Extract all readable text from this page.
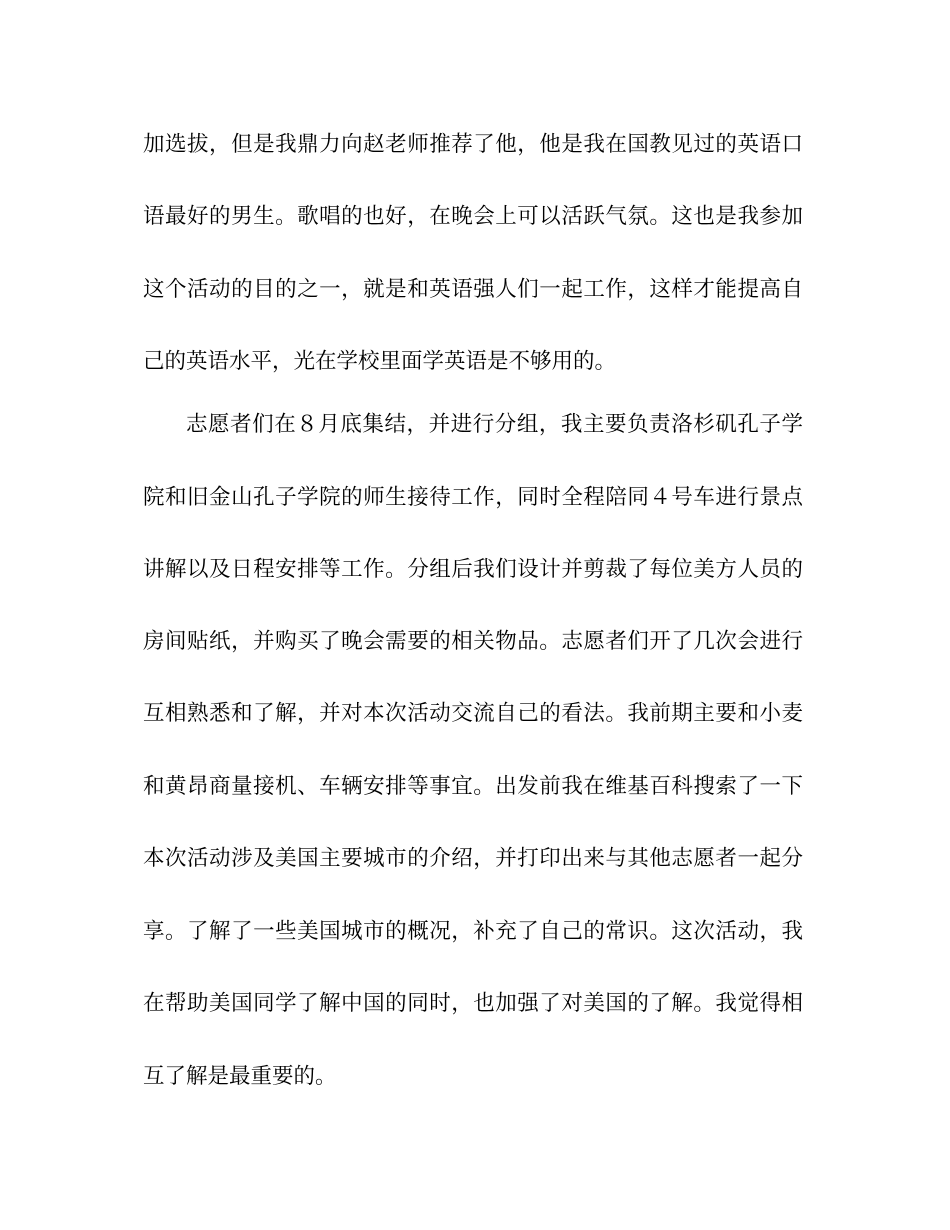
加选拔，但是我鼎力向赵老师推荐了他，他是我在国教见过的英语口
语最好的男生。歌唱的也好，在晚会上可以活跃气氛。这也是我参加
这个活动的目的之一，就是和英语强人们一起工作，这样才能提高自
己的英语水平，光在学校里面学英语是不够用的。
志愿者们在８月底集结，并进行分组，我主要负责洛杉矶孔子学
院和旧金山孔子学院的师生接待工作，同时全程陪同４号车进行景点
讲解以及日程安排等工作。分组后我们设计并剪裁了每位美方人员的
房间贴纸，并购买了晚会需要的相关物品。志愿者们开了几次会进行
互相熟悉和了解，并对本次活动交流自己的看法。我前期主要和小麦
和黄昂商量接机、车辆安排等事宜。出发前我在维基百科搜索了一下
本次活动涉及美国主要城市的介绍，并打印出来与其他志愿者一起分
享。了解了一些美国城市的概况，补充了自己的常识。这次活动，我
在帮助美国同学了解中国的同时，也加强了对美国的了解。我觉得相
互了解是最重要的。
